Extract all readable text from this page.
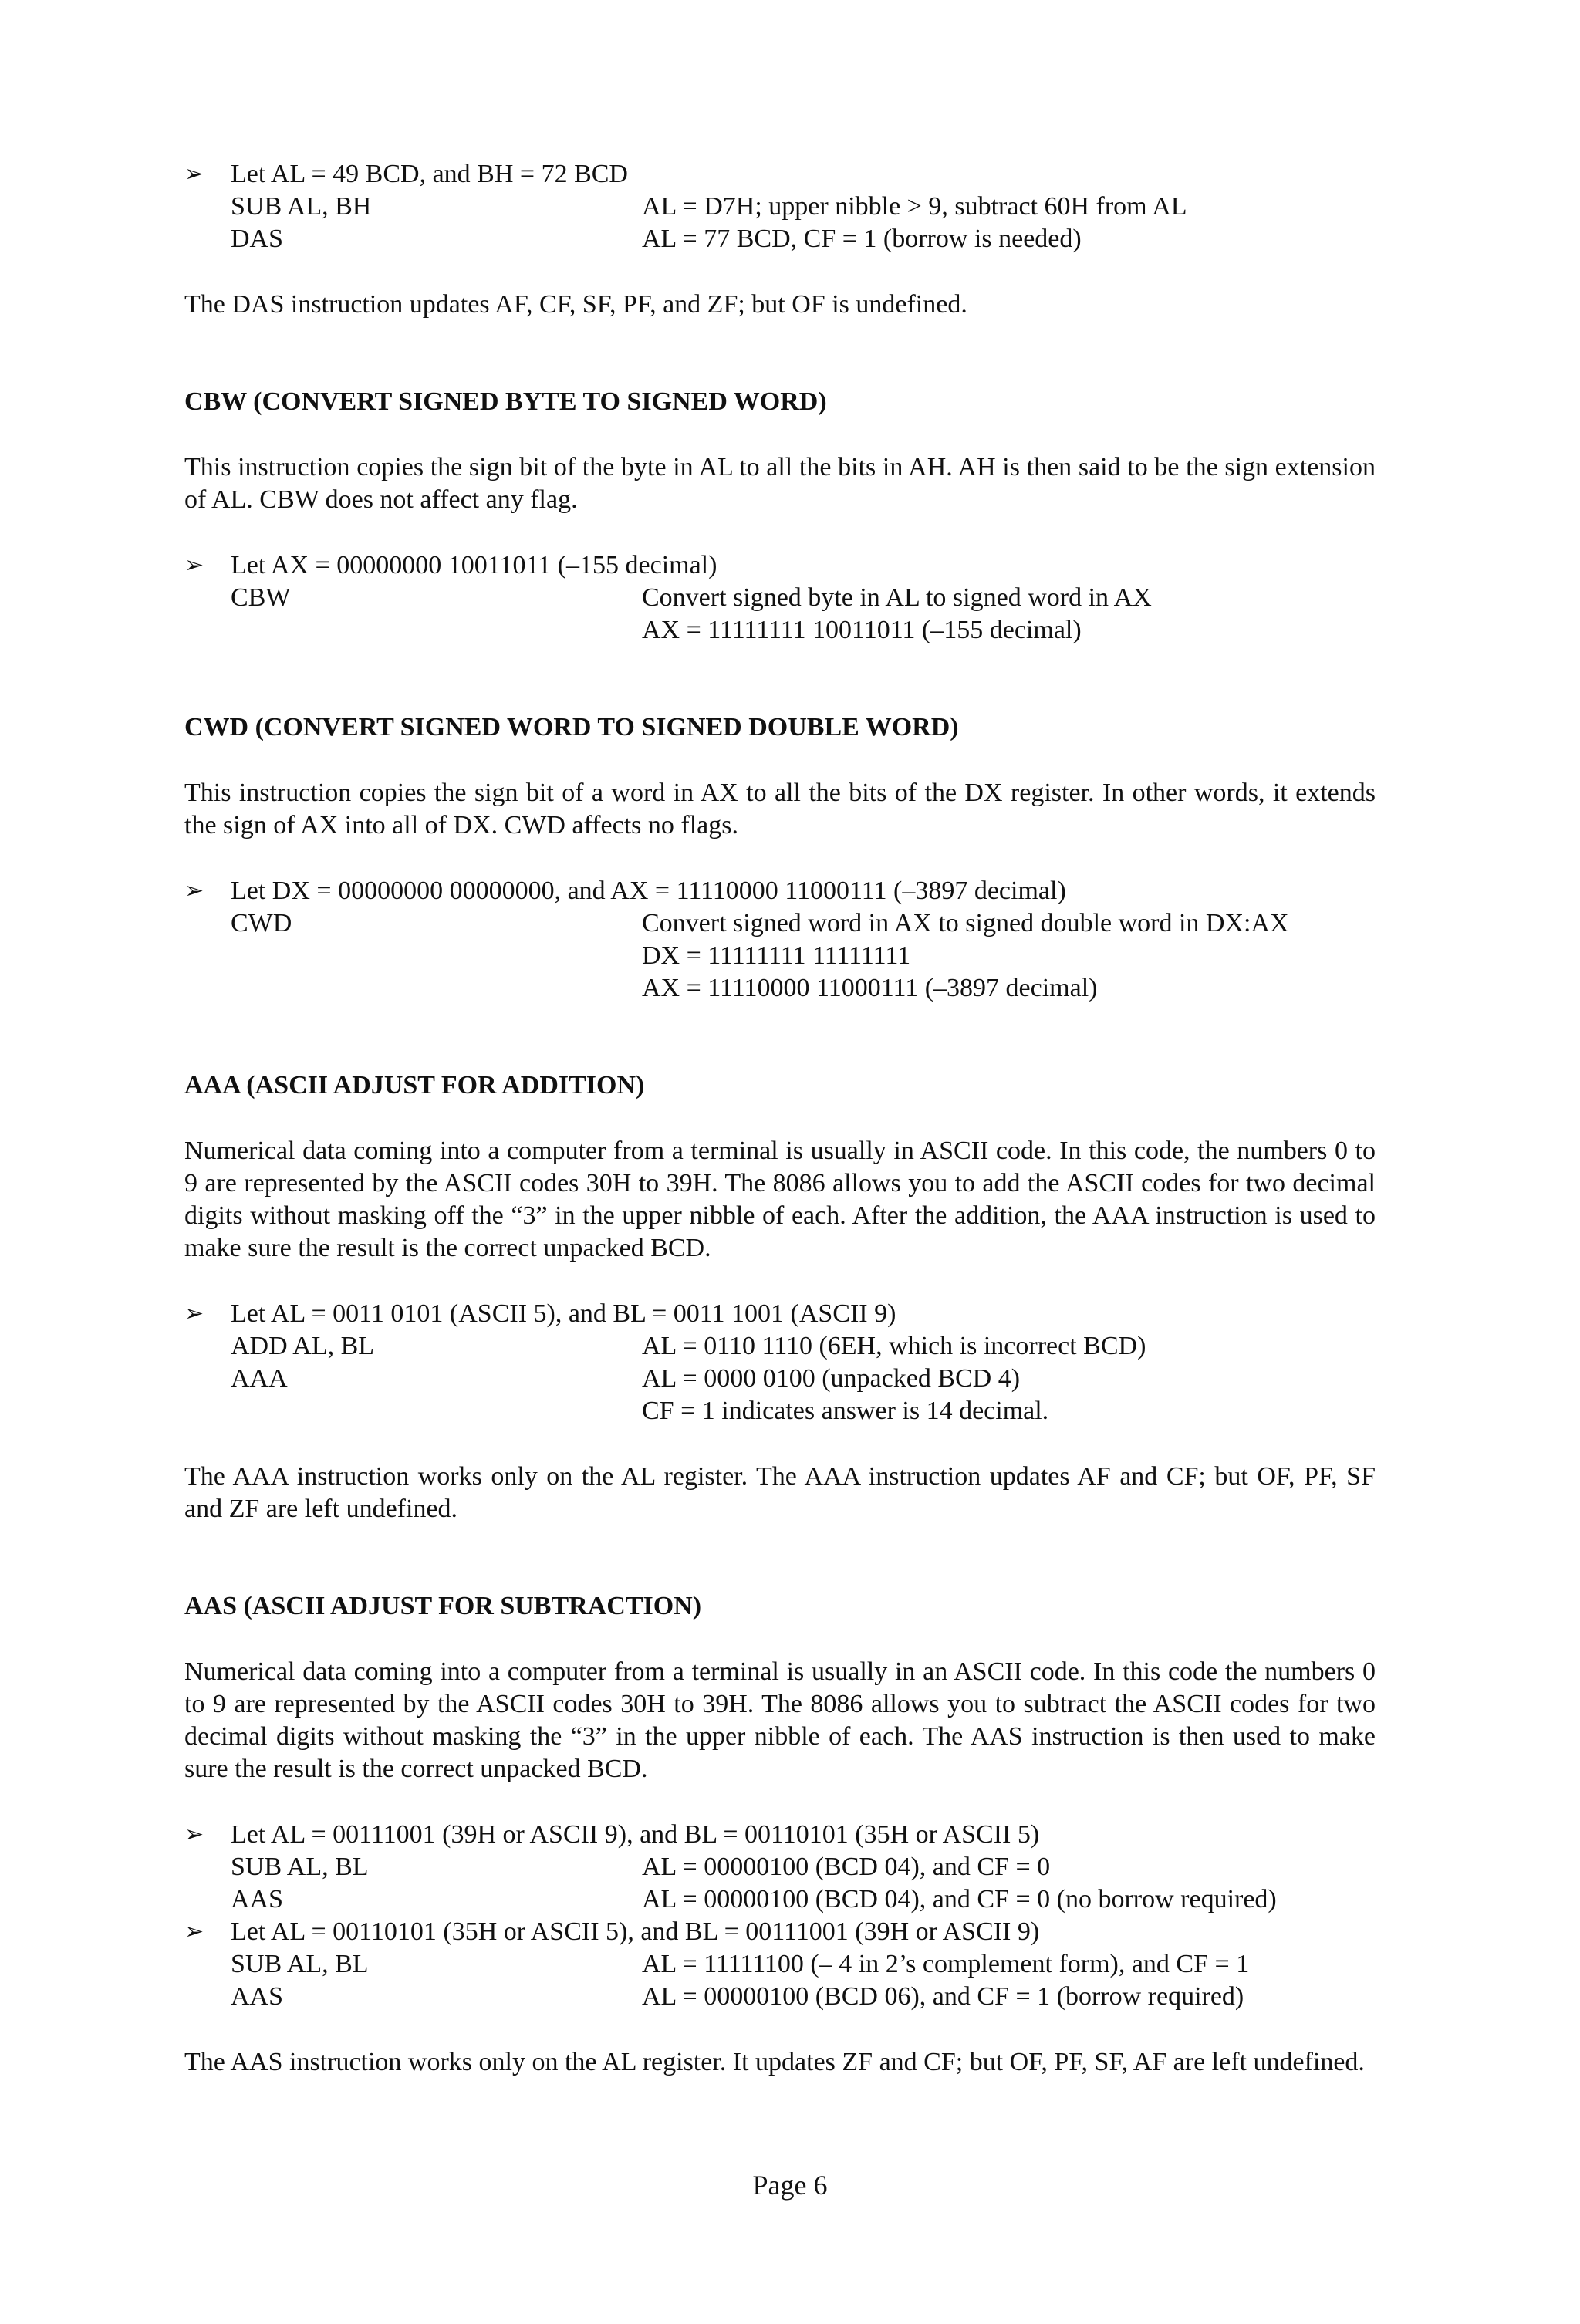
➢	Let AL = 49 BCD, and BH = 72 BCD
SUB AL, BH	AL = D7H; upper nibble > 9, subtract 60H from AL
DAS	AL = 77 BCD, CF = 1 (borrow is needed)

The DAS instruction updates AF, CF, SF, PF, and ZF; but OF is undefined.

CBW (CONVERT SIGNED BYTE TO SIGNED WORD)

This instruction copies the sign bit of the byte in AL to all the bits in AH. AH is then said to be the sign extension of AL. CBW does not affect any flag.

➢	Let AX = 00000000 10011011 (–155 decimal)
CBW	Convert signed byte in AL to signed word in AX
AX = 11111111 10011011 (–155 decimal)

CWD (CONVERT SIGNED WORD TO SIGNED DOUBLE WORD)

This instruction copies the sign bit of a word in AX to all the bits of the DX register. In other words, it extends the sign of AX into all of DX. CWD affects no flags.

➢	Let DX = 00000000 00000000, and AX = 11110000 11000111 (–3897 decimal)
CWD	Convert signed word in AX to signed double word in DX:AX
DX = 11111111 11111111
AX = 11110000 11000111 (–3897 decimal)

AAA (ASCII ADJUST FOR ADDITION)

Numerical data coming into a computer from a terminal is usually in ASCII code. In this code, the numbers 0 to 9 are represented by the ASCII codes 30H to 39H. The 8086 allows you to add the ASCII codes for two decimal digits without masking off the “3” in the upper nibble of each. After the addition, the AAA instruction is used to make sure the result is the correct unpacked BCD.

➢	Let AL = 0011 0101 (ASCII 5), and BL = 0011 1001 (ASCII 9)
ADD AL, BL	AL = 0110 1110 (6EH, which is incorrect BCD)
AAA	AL = 0000 0100 (unpacked BCD 4)
CF = 1 indicates answer is 14 decimal.

The AAA instruction works only on the AL register. The AAA instruction updates AF and CF; but OF, PF, SF and ZF are left undefined.

AAS (ASCII ADJUST FOR SUBTRACTION)

Numerical data coming into a computer from a terminal is usually in an ASCII code. In this code the numbers 0 to 9 are represented by the ASCII codes 30H to 39H. The 8086 allows you to subtract the ASCII codes for two decimal digits without masking the “3” in the upper nibble of each. The AAS instruction is then used to make sure the result is the correct unpacked BCD.

➢	Let AL = 00111001 (39H or ASCII 9), and BL = 00110101 (35H or ASCII 5)
SUB AL, BL	AL = 00000100 (BCD 04), and CF = 0
AAS	AL = 00000100 (BCD 04), and CF = 0 (no borrow required)
➢	Let AL = 00110101 (35H or ASCII 5), and BL = 00111001 (39H or ASCII 9)
SUB AL, BL	AL = 11111100 (– 4 in 2’s complement form), and CF = 1
AAS	AL = 00000100 (BCD 06), and CF = 1 (borrow required)

The AAS instruction works only on the AL register. It updates ZF and CF; but OF, PF, SF, AF are left undefined.

Page 6
